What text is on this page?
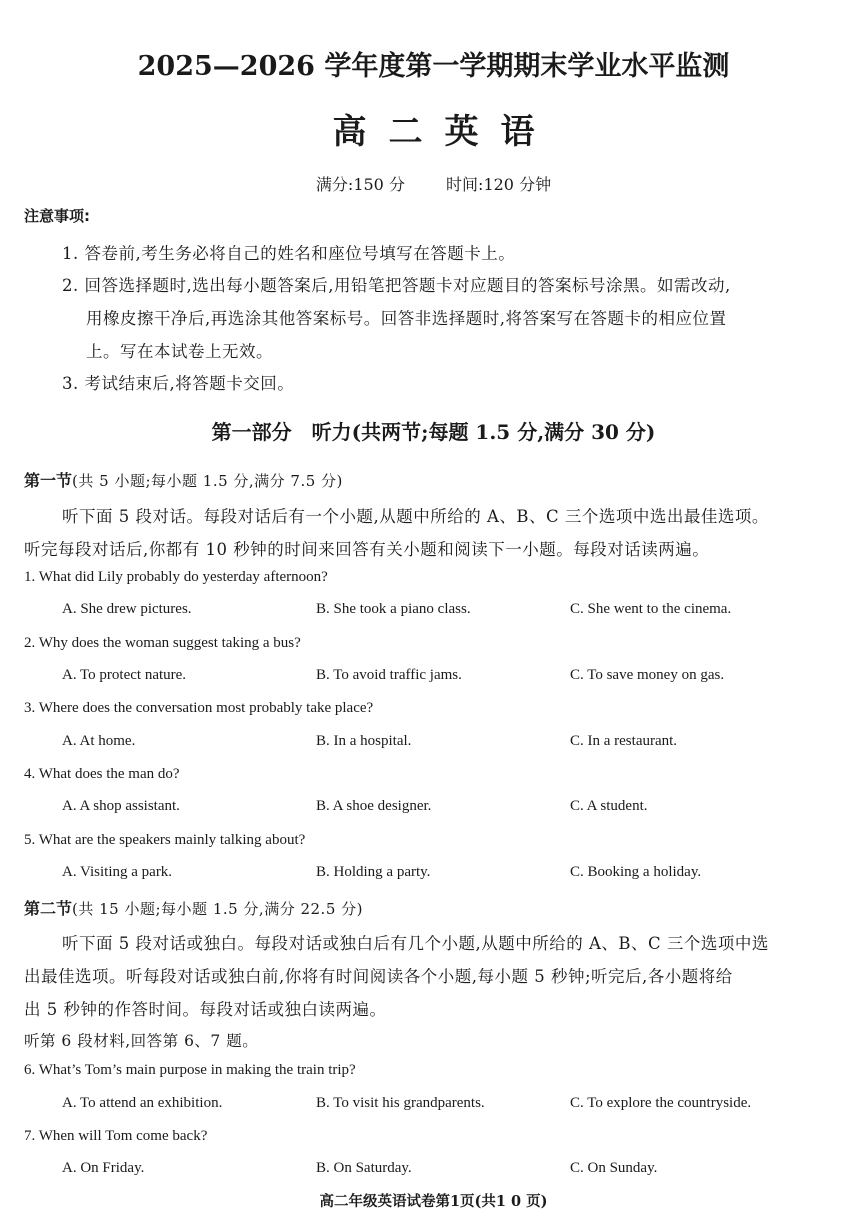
2025—2026 学年度第一学期期末学业水平监测
高二英语
满分:150 分	时间:120 分钟
注意事项:
1. 答卷前,考生务必将自己的姓名和座位号填写在答题卡上。
2. 回答选择题时,选出每小题答案后,用铅笔把答题卡对应题目的答案标号涂黑。如需改动,
用橡皮擦干净后,再选涂其他答案标号。回答非选择题时,将答案写在答题卡的相应位置
上。写在本试卷上无效。
3. 考试结束后,将答题卡交回。
第一部分　听力(共两节;每题 1.5 分,满分 30 分)
第一节(共 5 小题;每小题 1.5 分,满分 7.5 分)
听下面 5 段对话。每段对话后有一个小题,从题中所给的 A、B、C 三个选项中选出最佳选项。
听完每段对话后,你都有 10 秒钟的时间来回答有关小题和阅读下一小题。每段对话读两遍。
1. What did Lily probably do yesterday afternoon?
A. She drew pictures.	B. She took a piano class.	C. She went to the cinema.
2. Why does the woman suggest taking a bus?
A. To protect nature.	B. To avoid traffic jams.	C. To save money on gas.
3. Where does the conversation most probably take place?
A. At home.	B. In a hospital.	C. In a restaurant.
4. What does the man do?
A. A shop assistant.	B. A shoe designer.	C. A student.
5. What are the speakers mainly talking about?
A. Visiting a park.	B. Holding a party.	C. Booking a holiday.
第二节(共 15 小题;每小题 1.5 分,满分 22.5 分)
听下面 5 段对话或独白。每段对话或独白后有几个小题,从题中所给的 A、B、C 三个选项中选
出最佳选项。听每段对话或独白前,你将有时间阅读各个小题,每小题 5 秒钟;听完后,各小题将给
出 5 秒钟的作答时间。每段对话或独白读两遍。
听第 6 段材料,回答第 6、7 题。
6. What’s Tom’s main purpose in making the train trip?
A. To attend an exhibition.	B. To visit his grandparents.	C. To explore the countryside.
7. When will Tom come back?
A. On Friday.	B. On Saturday.	C. On Sunday.
高二年级英语试卷第1页(共1 0 页)
